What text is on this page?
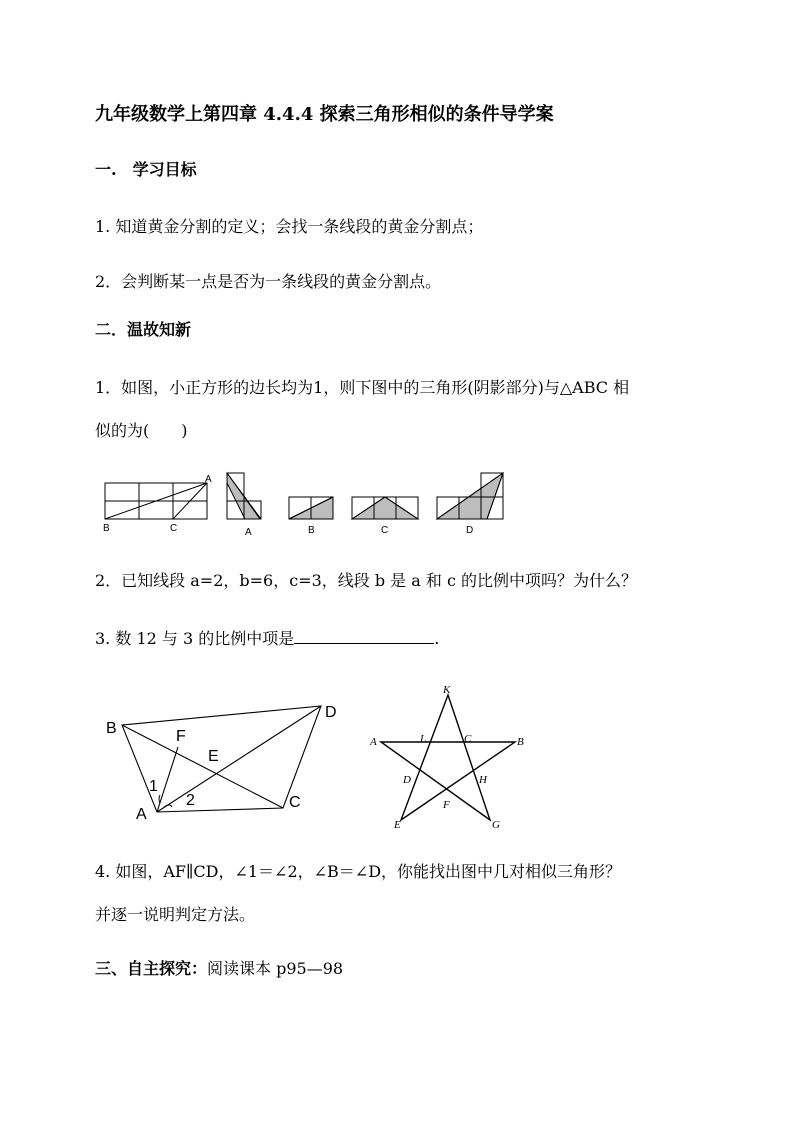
九年级数学上第四章 4.4.4 探索三角形相似的条件导学案
一.　学习目标
1. 知道黄金分割的定义；会找一条线段的黄金分割点；
2．会判断某一点是否为一条线段的黄金分割点。
二．温故知新
1．如图，小正方形的边长均为1，则下图中的三角形(阴影部分)与△ABC 相
似的为(　　)
A
B	C	A	B	C	D
2．已知线段 a=2，b=6，c=3，线段 b 是 a 和 c 的比例中项吗？为什么？
3. 数 12 与 3 的比例中项是	.
B	F
E
D
1
2
A
C
K
A	L	C	B
D	H
F
E	G
4. 如图，AF∥CD，∠1＝∠2，∠B＝∠D，你能找出图中几对相似三角形？
并逐一说明判定方法。
三、自主探究：阅读课本 p95—98
